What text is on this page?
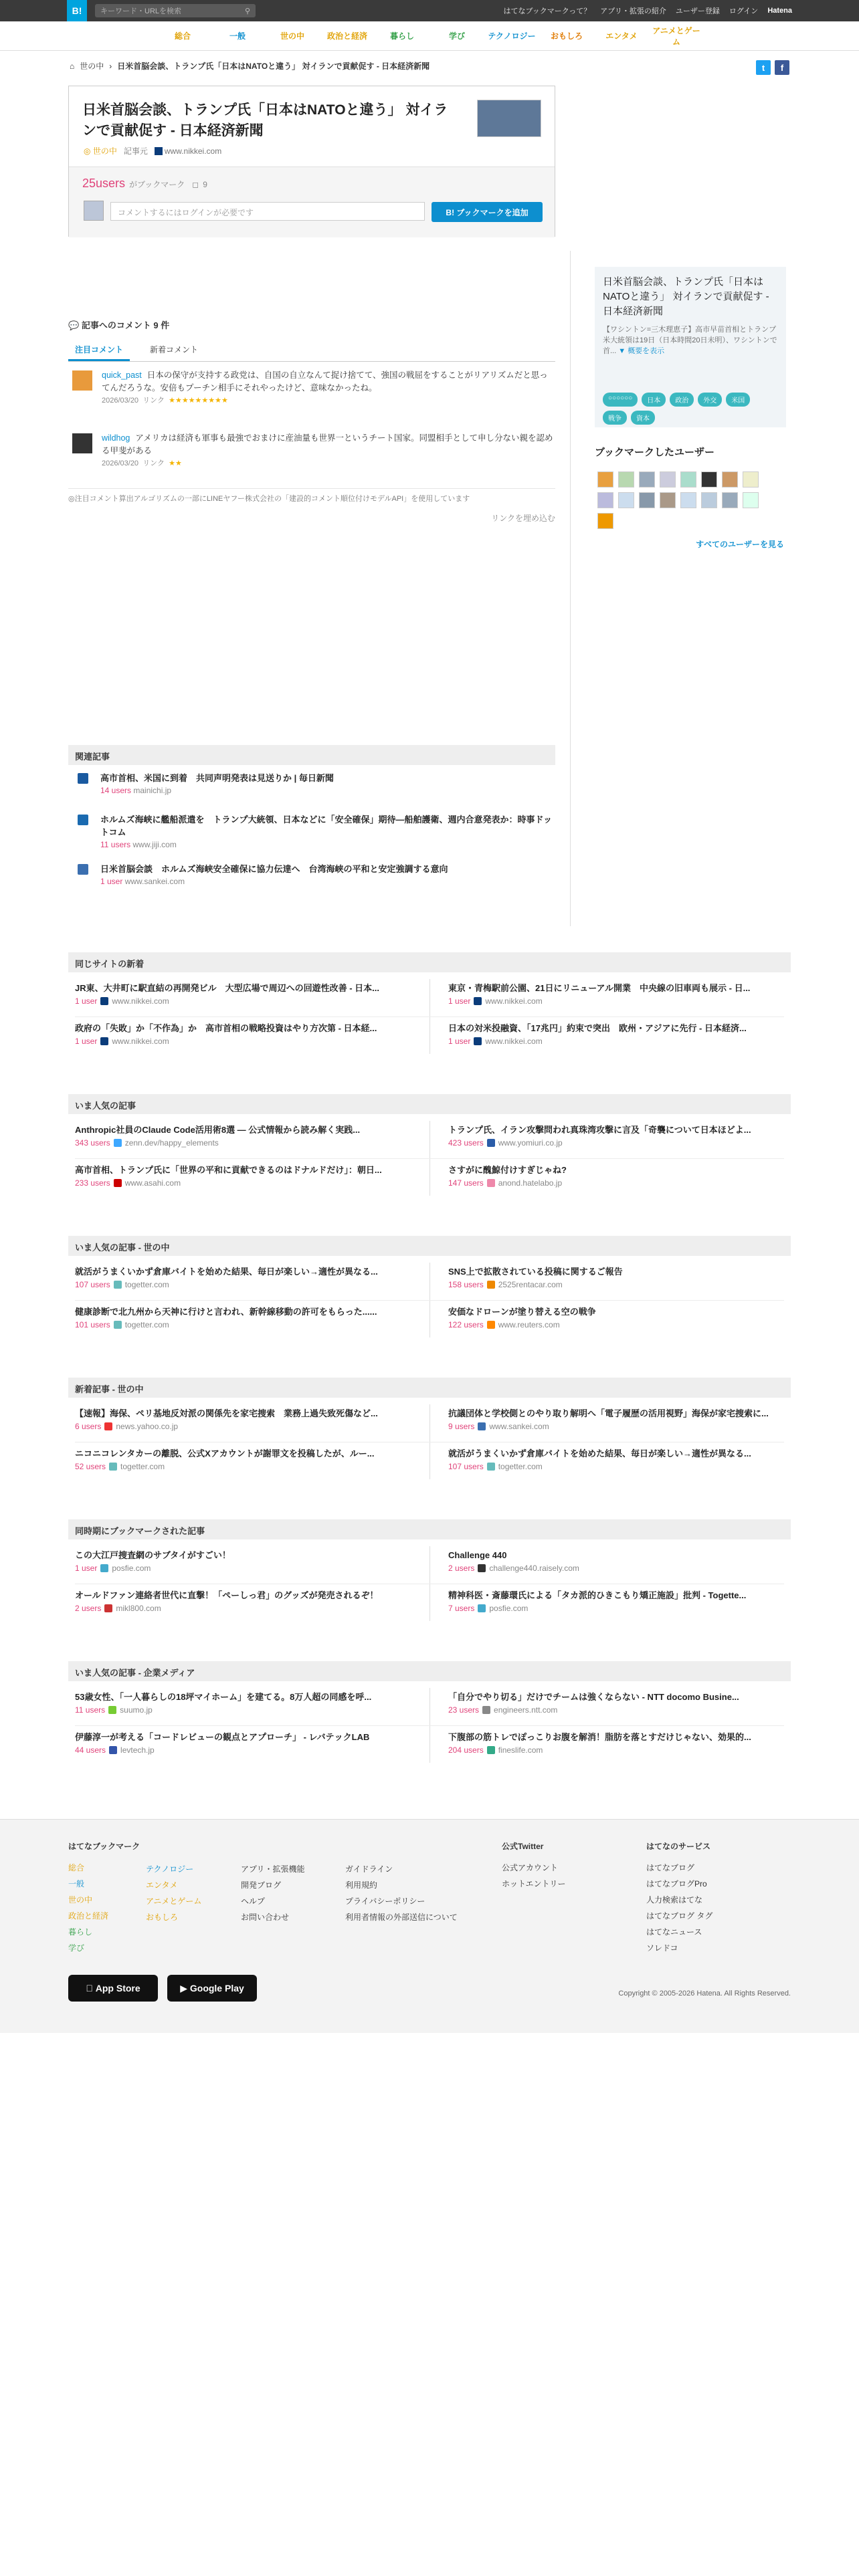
B!	キーワード・URLを検索	⚲	はてなブックマークって？ アプリ・拡張の紹介 ユーザー登録 ログイン Hatena
総合	一般	世の中	政治と経済	暮らし	学び	テクノロジー	おもしろ	エンタメ
アニメとゲーム
⌂ 世の中 › 日米首脳会談、トランプ氏「日本はNATOと違う」 対イランで貢献促す - 日本経済新聞	t	f
日米首脳会談、トランプ氏「日本はNATOと違う」 対イランで貢献促す - 日本経済新聞
◎ 世の中 記事元	www.nikkei.com
25users がブックマーク ◻ 9
コメントするにはログインが必要です	B! ブックマークを追加
日米首脳会談、トランプ氏「日本はNATOと違う」 対イランで貢献促す - 日本経済新聞

【ワシントン=三木理恵子】高市早苗首相とトランプ米大統領は19日（日本時間20日未明）、ワシントンで首... ▼ 概要を表示

○○○○○○	日本	政治	外交	米国
戦争	資本
ブックマークしたユーザー
すべてのユーザーを見る
💬 記事へのコメント 9 件
注目コメント	新着コメント
quick_past 日本の保守が支持する政党は、自国の自立なんて捉け捨てて、強国の戦屈をすることがリアリズムだと思ってんだろうな。安倍もプーチン相手にそれやったけど、意味なかったね。
2026/03/20 リンク ★★★★★★★★★
wildhog アメリカは経済も軍事も最強でおまけに産油量も世界一というチート国家。同盟相手として申し分ない親を認める甲斐がある
2026/03/20 リンク ★★
◎注目コメント算出アルゴリズムの一部にLINEヤフー株式会社の「建設的コメント順位付けモデルAPI」を使用しています
リンクを埋め込む
関連記事
高市首相、米国に到着　共同声明発表は見送りか | 毎日新聞
14 users mainichi.jp
ホルムズ海峡に艦船派遣を　トランプ大統領、日本などに「安全確保」期待―船舶護衛、週内合意発表か：時事ドットコム
11 users www.jiji.com
日米首脳会談　ホルムズ海峡安全確保に協力伝達へ　台湾海峡の平和と安定強調する意向
1 user www.sankei.com
同じサイトの新着
JR東、大井町に駅直結の再開発ビル　大型広場で周辺への回遊性改善 - 日本...
1 user www.nikkei.com
東京・青梅駅前公園、21日にリニューアル開業　中央線の旧車両も展示 - 日...
1 user www.nikkei.com
政府の「失敗」か「不作為」か　高市首相の戦略投資はやり方次第 - 日本経...
1 user www.nikkei.com
日本の対米投融資、「17兆円」約束で突出　欧州・アジアに先行 - 日本経済...
1 user www.nikkei.com
いま人気の記事
Anthropic社員のClaude Code活用術8選 — 公式情報から読み解く実践...
343 users zenn.dev/happy_elements
トランプ氏、イラン攻撃問われ真珠湾攻撃に言及「奇襲について日本ほどよ...
423 users www.yomiuri.co.jp
高市首相、トランプ氏に「世界の平和に貢献できるのはドナルドだけ」：朝日...
233 users www.asahi.com
さすがに醜鯨付けすぎじゃね?
147 users anond.hatelabo.jp
いま人気の記事 - 世の中
就活がうまくいかず倉庫バイトを始めた結果、毎日が楽しい→適性が異なる...
107 users togetter.com
SNS上で拡散されている投稿に関するご報告
158 users 2525rentacar.com
健康診断で北九州から天神に行けと言われ、新幹線移動の許可をもらった......
101 users togetter.com
安価なドローンが塗り替える空の戦争
122 users www.reuters.com
新着記事 - 世の中
【速報】海保、ペリ基地反対派の関係先を家宅捜索　業務上過失致死傷など...
6 users news.yahoo.co.jp
抗議団体と学校側とのやり取り解明へ「電子履歴の活用視野」海保が家宅捜索に...
9 users www.sankei.com
ニコニコレンタカーの離脱、公式Xアカウントが謝罪文を投稿したが、ルー...
52 users togetter.com
就活がうまくいかず倉庫バイトを始めた結果、毎日が楽しい→適性が異なる...
107 users togetter.com
同時期にブックマークされた記事
この大江戸捜査網のサブタイがすごい！
1 user posfie.com
Challenge 440
2 users challenge440.raisely.com
オールドファン連絡者世代に直撃！「ペーしっ君」のグッズが発売されるぞ！
2 users mikl800.com
精神科医・斎藤環氏による「タカ派的ひきこもり矯正施設」批判 - Togette...
7 users posfie.com
いま人気の記事 - 企業メディア
53歳女性、「一人暮らしの18坪マイホーム」を建てる。8万人超の同感を呼...
11 users suumo.jp
「自分でやり切る」だけでチームは強くならない - NTT docomo Busine...
23 users engineers.ntt.com
伊藤淳一が考える「コードレビューの観点とアプローチ」 - レバテックLAB
44 users levtech.jp
下腹部の筋トレでぽっこりお腹を解消！脂肪を落とすだけじゃない、効果的...
204 users fineslife.com
はてなブックマーク
総合
一般
世の中
政治と経済
暮らし
学び
テクノロジー
エンタメ
アニメとゲーム
おもしろ
アプリ・拡張機能
開発ブログ
ヘルプ
お問い合わせ
ガイドライン
利用規約
プライバシーポリシー
利用者情報の外部送信について
公式Twitter
公式アカウント
ホットエントリー
はてなのサービス
はてなブログ
はてなブログPro
人力検索はてな
はてなブログ タグ
はてなニュース
ソレドコ

App Store	▶
Google Play	Copyright © 2005-2026 Hatena. All Rights Reserved.
